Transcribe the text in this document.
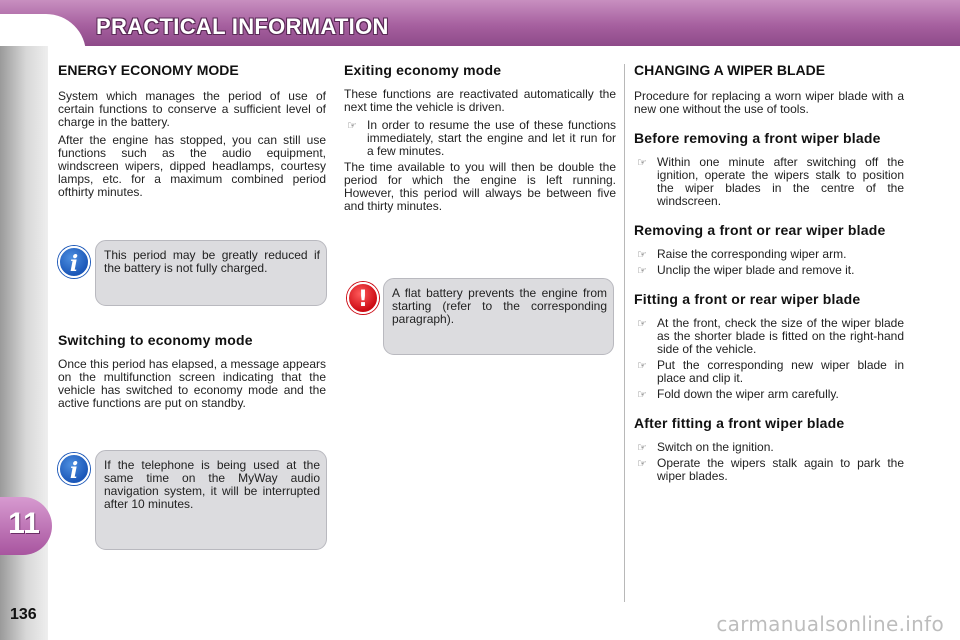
PRACTICAL INFORMATION
11
136
ENERGY ECONOMY MODE

System which manages the period of use of certain functions to conserve a sufficient level of charge in the battery.

After the engine has stopped, you can still use functions such as the audio equipment, windscreen wipers, dipped headlamps, courtesy lamps, etc. for a maximum combined period ofthirty minutes.

i	This period may be greatly reduced if the battery is not fully charged.
Switching to economy mode

Once this period has elapsed, a message appears on the multifunction screen indicating that the vehicle has switched to economy mode and the active functions are put on standby.

i	If the telephone is being used at the same time on the MyWay audio navigation system, it will be interrupted after 10 minutes.
Exiting economy mode

These functions are reactivated automatically the next time the vehicle is driven.

☞ In order to resume the use of these functions immediately, start the engine and let it run for a few minutes.

The time available to you will then be double the period for which the engine is left running. However, this period will always be between five and thirty minutes.

!	A flat battery prevents the engine from starting (refer to the corresponding paragraph).
CHANGING A WIPER BLADE

Procedure for replacing a worn wiper blade with a new one without the use of tools.

Before removing a front wiper blade
☞ Within one minute after switching off the ignition, operate the wipers stalk to position the wiper blades in the centre of the windscreen.
Removing a front or rear wiper blade
☞ Raise the corresponding wiper arm.
☞ Unclip the wiper blade and remove it.
Fitting a front or rear wiper blade
☞ At the front, check the size of the wiper blade as the shorter blade is fitted on the right-hand side of the vehicle.
☞ Put the corresponding new wiper blade in place and clip it.
☞ Fold down the wiper arm carefully.
After fitting a front wiper blade
☞ Switch on the ignition.
☞ Operate the wipers stalk again to park the wiper blades.
carmanualsonline.info
